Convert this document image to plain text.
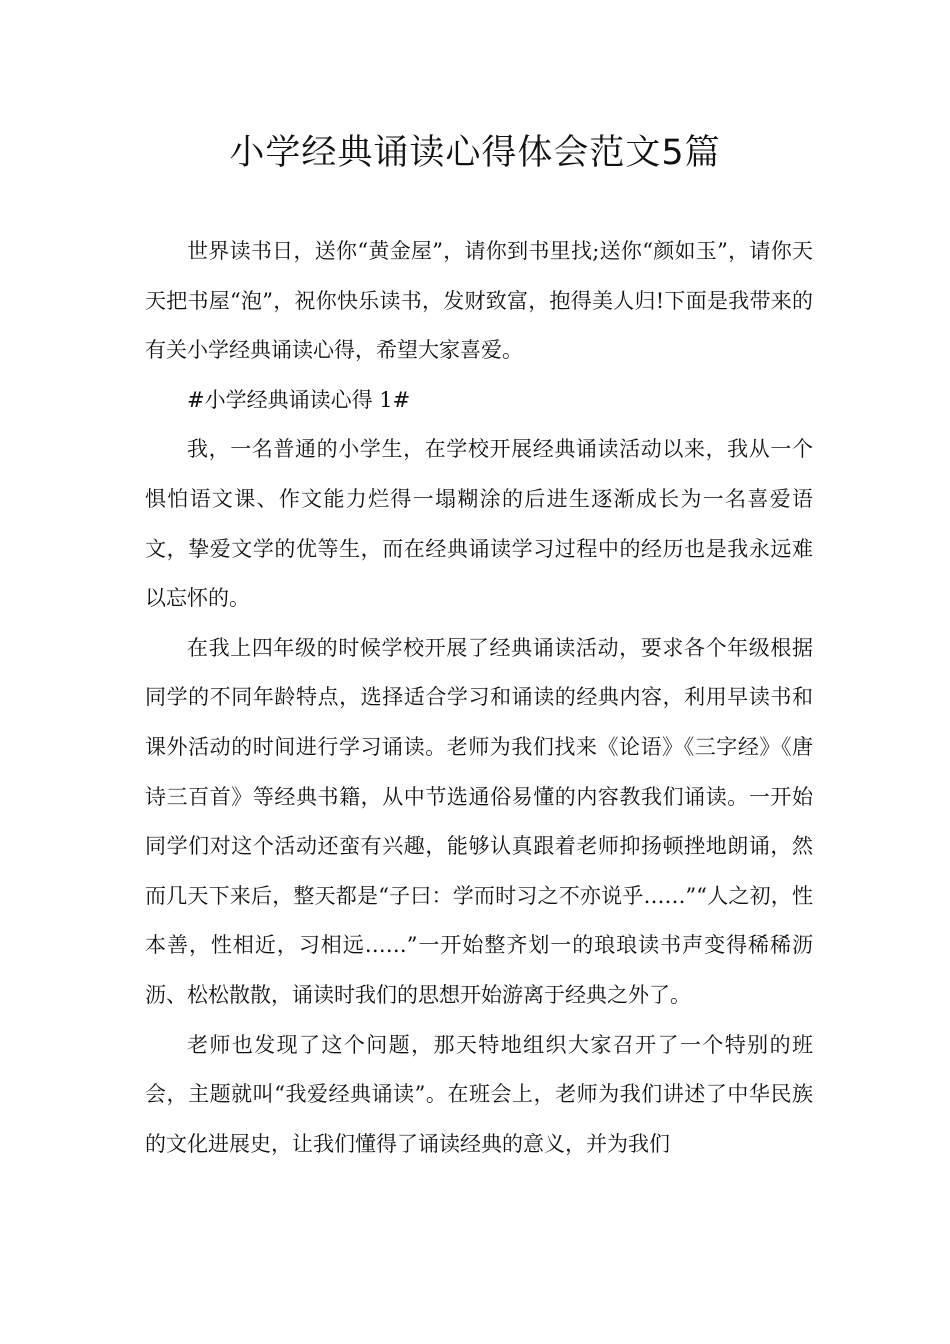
小学经典诵读心得体会范文5篇

世界读书日，送你“黄金屋”，请你到书里找;送你“颜如玉”，请你天天把书屋“泡”，祝你快乐读书，发财致富，抱得美人归!下面是我带来的有关小学经典诵读心得，希望大家喜爱。

#小学经典诵读心得 1#

我，一名普通的小学生，在学校开展经典诵读活动以来，我从一个惧怕语文课、作文能力烂得一塌糊涂的后进生逐渐成长为一名喜爱语文，挚爱文学的优等生，而在经典诵读学习过程中的经历也是我永远难以忘怀的。

在我上四年级的时候学校开展了经典诵读活动，要求各个年级根据同学的不同年龄特点，选择适合学习和诵读的经典内容，利用早读书和课外活动的时间进行学习诵读。老师为我们找来《论语》《三字经》《唐诗三百首》等经典书籍，从中节选通俗易懂的内容教我们诵读。一开始同学们对这个活动还蛮有兴趣，能够认真跟着老师抑扬顿挫地朗诵，然而几天下来后，整天都是“子曰：学而时习之不亦说乎……”“人之初，性本善，性相近，习相远……”一开始整齐划一的琅琅读书声变得稀稀沥沥、松松散散，诵读时我们的思想开始游离于经典之外了。

老师也发现了这个问题，那天特地组织大家召开了一个特别的班会，主题就叫“我爱经典诵读”。在班会上，老师为我们讲述了中华民族的文化进展史，让我们懂得了诵读经典的意义，并为我们
